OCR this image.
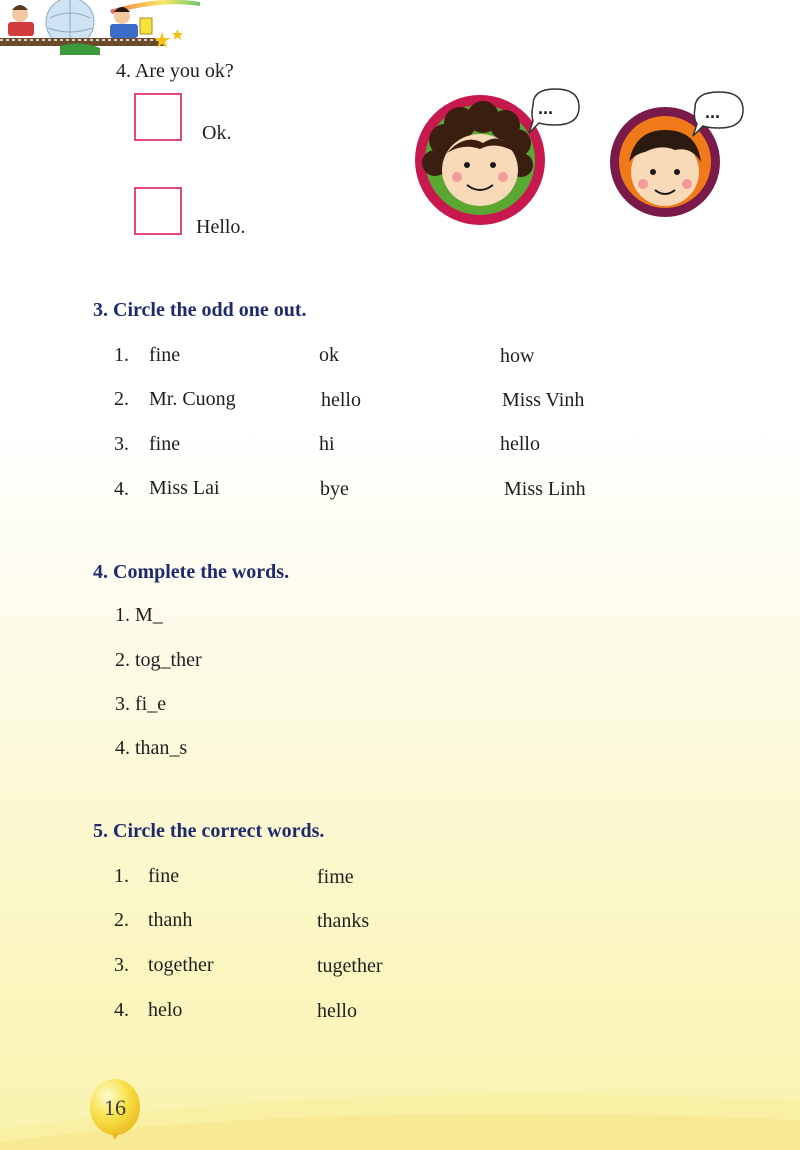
4. Are you ok?
Ok.
Hello.
...	...
3. Circle the odd one out.
1. fine	ok	how
2. Mr. Cuong	hello	Miss Vinh
3. fine	hi	hello
4. Miss Lai	bye	Miss Linh
4. Complete the words.
1. M_
2. tog_ther
3. fi_e
4. than_s
5. Circle the correct words.
1. fine	fime
2. thanh	thanks
3. together	tugether
4. helo	hello
16
